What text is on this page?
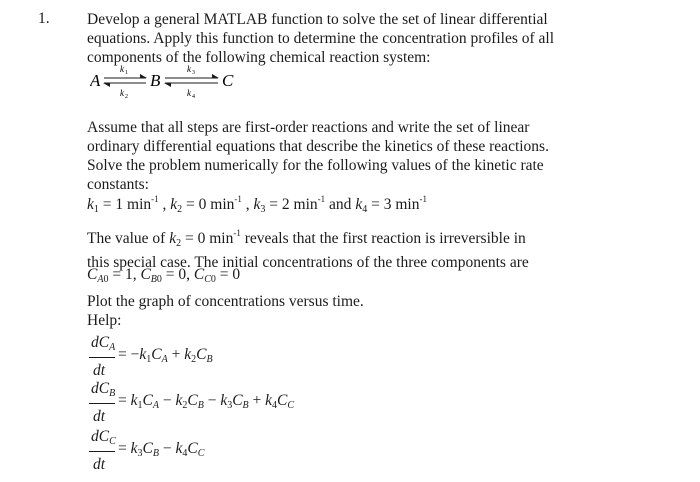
1. Develop a general MATLAB function to solve the set of linear differential
equations. Apply this function to determine the concentration profiles of all
components of the following chemical reaction system:
A	B	C
k 1
k 2
k 3
k 4
Assume that all steps are first-order reactions and write the set of linear
ordinary differential equations that describe the kinetics of these reactions.
Solve the problem numerically for the following values of the kinetic rate
constants:
$k_1 = 1$ $\min^{-1}$ , $k_2 = 0$ $\min^{-1}$ , $k_3 = 2$ $\min^{-1}$ and $k_4 = 3$ $\min^{-1}$
The value of $k_2 = 0$ $\min^{-1}$ reveals that the first reaction is irreversible in
this special case. The initial concentrations of the three components are
$C_{A0} = 1$, $C_{B0} = 0$, $C_{C0} = 0$
Plot the graph of concentrations versus time.
Help:
$dC_A$
dt
= $-k_1C_A + k_2C_B$
$dC_B$
dt
= $k_1C_A - k_2C_B - k_3C_B + k_4C_C$
$dC_C$
dt
= $k_3C_B - k_4C_C$
